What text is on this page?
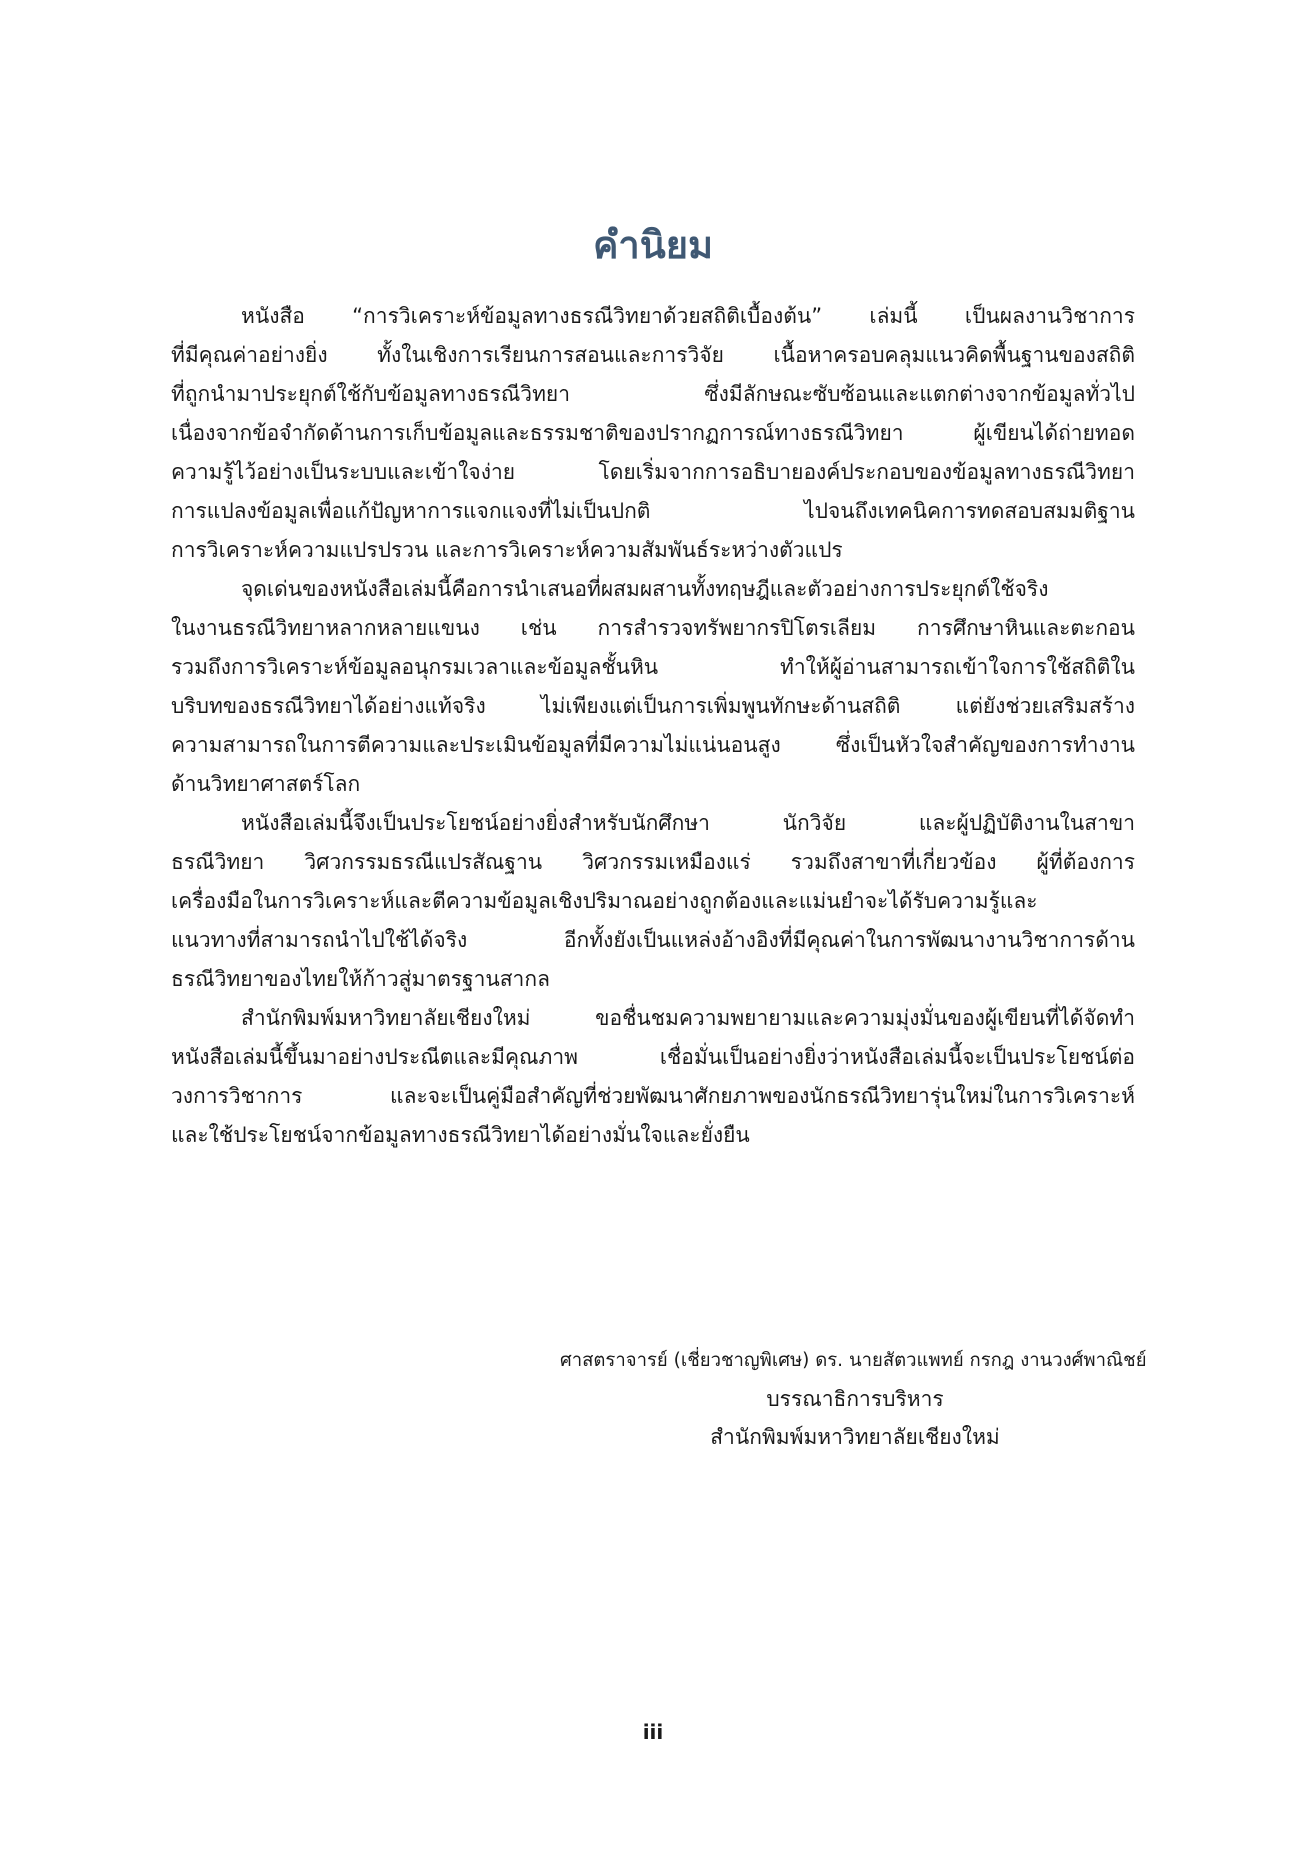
คำนิยม
หนังสือ “การวิเคราะห์ข้อมูลทางธรณีวิทยาด้วยสถิติเบื้องต้น” เล่มนี้ เป็นผลงานวิชาการ
ที่มีคุณค่าอย่างยิ่ง ทั้งในเชิงการเรียนการสอนและการวิจัย เนื้อหาครอบคลุมแนวคิดพื้นฐานของสถิติ
ที่ถูกนำมาประยุกต์ใช้กับข้อมูลทางธรณีวิทยา ซึ่งมีลักษณะซับซ้อนและแตกต่างจากข้อมูลทั่วไป
เนื่องจากข้อจำกัดด้านการเก็บข้อมูลและธรรมชาติของปรากฏการณ์ทางธรณีวิทยา ผู้เขียนได้ถ่ายทอด
ความรู้ไว้อย่างเป็นระบบและเข้าใจง่าย โดยเริ่มจากการอธิบายองค์ประกอบของข้อมูลทางธรณีวิทยา
การแปลงข้อมูลเพื่อแก้ปัญหาการแจกแจงที่ไม่เป็นปกติ ไปจนถึงเทคนิคการทดสอบสมมติฐาน
การวิเคราะห์ความแปรปรวน และการวิเคราะห์ความสัมพันธ์ระหว่างตัวแปร
จุดเด่นของหนังสือเล่มนี้คือการนำเสนอที่ผสมผสานทั้งทฤษฎีและตัวอย่างการประยุกต์ใช้จริง
ในงานธรณีวิทยาหลากหลายแขนง เช่น การสำรวจทรัพยากรปิโตรเลียม การศึกษาหินและตะกอน
รวมถึงการวิเคราะห์ข้อมูลอนุกรมเวลาและข้อมูลชั้นหิน ทำให้ผู้อ่านสามารถเข้าใจการใช้สถิติใน
บริบทของธรณีวิทยาได้อย่างแท้จริง ไม่เพียงแต่เป็นการเพิ่มพูนทักษะด้านสถิติ แต่ยังช่วยเสริมสร้าง
ความสามารถในการตีความและประเมินข้อมูลที่มีความไม่แน่นอนสูง ซึ่งเป็นหัวใจสำคัญของการทำงาน
ด้านวิทยาศาสตร์โลก
หนังสือเล่มนี้จึงเป็นประโยชน์อย่างยิ่งสำหรับนักศึกษา นักวิจัย และผู้ปฏิบัติงานในสาขา
ธรณีวิทยา วิศวกรรมธรณีแปรสัณฐาน วิศวกรรมเหมืองแร่ รวมถึงสาขาที่เกี่ยวข้อง ผู้ที่ต้องการ
เครื่องมือในการวิเคราะห์และตีความข้อมูลเชิงปริมาณอย่างถูกต้องและแม่นยำจะได้รับความรู้และ
แนวทางที่สามารถนำไปใช้ได้จริง อีกทั้งยังเป็นแหล่งอ้างอิงที่มีคุณค่าในการพัฒนางานวิชาการด้าน
ธรณีวิทยาของไทยให้ก้าวสู่มาตรฐานสากล
สำนักพิมพ์มหาวิทยาลัยเชียงใหม่ ขอชื่นชมความพยายามและความมุ่งมั่นของผู้เขียนที่ได้จัดทำ
หนังสือเล่มนี้ขึ้นมาอย่างประณีตและมีคุณภาพ เชื่อมั่นเป็นอย่างยิ่งว่าหนังสือเล่มนี้จะเป็นประโยชน์ต่อ
วงการวิชาการ และจะเป็นคู่มือสำคัญที่ช่วยพัฒนาศักยภาพของนักธรณีวิทยารุ่นใหม่ในการวิเคราะห์
และใช้ประโยชน์จากข้อมูลทางธรณีวิทยาได้อย่างมั่นใจและยั่งยืน
ศาสตราจารย์ (เชี่ยวชาญพิเศษ) ดร. นายสัตวแพทย์ กรกฎ งานวงศ์พาณิชย์
บรรณาธิการบริหาร
สำนักพิมพ์มหาวิทยาลัยเชียงใหม่
iii
